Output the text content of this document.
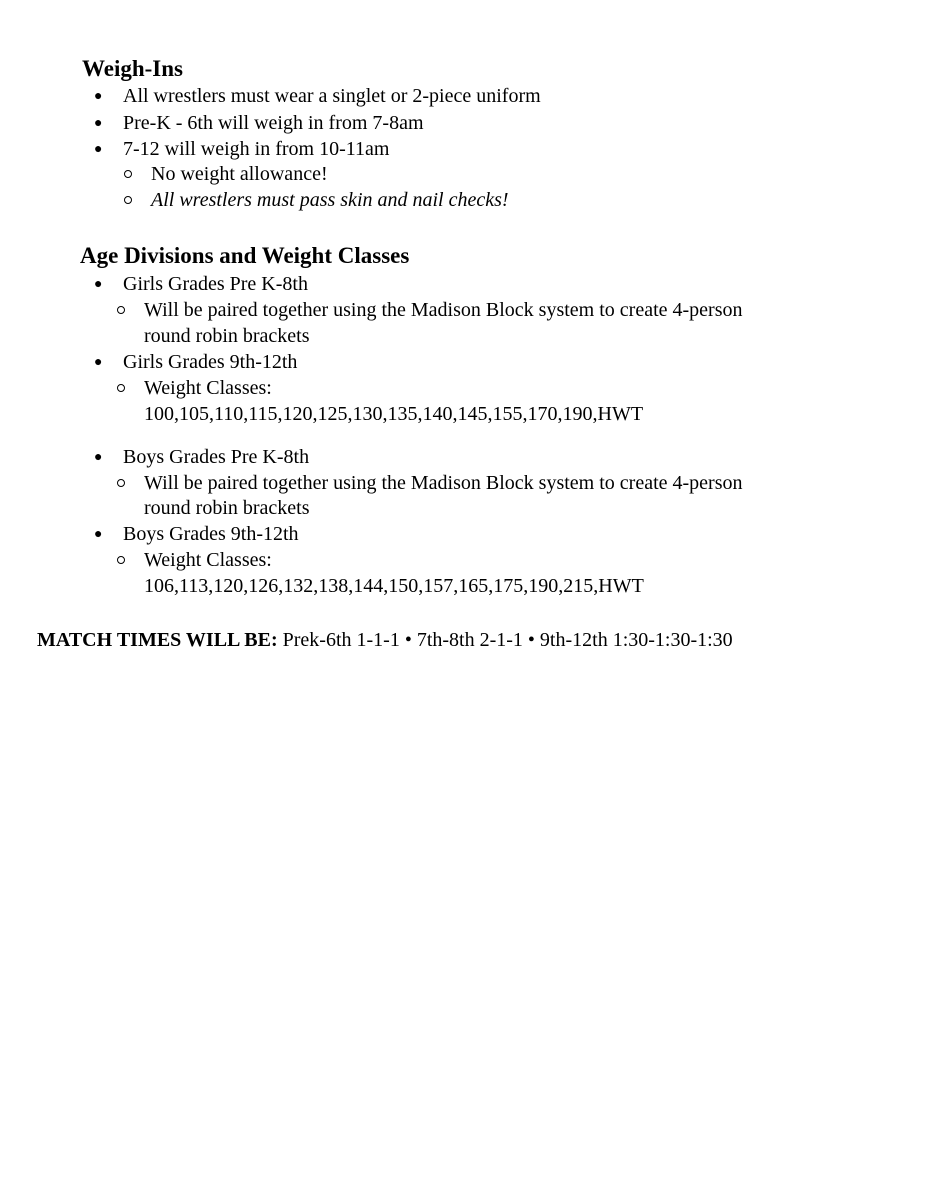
Weigh-Ins
● All wrestlers must wear a singlet or 2-piece uniform
● Pre-K - 6th will weigh in from 7-8am
● 7-12 will weigh in from 10-11am
No weight allowance!
All wrestlers must pass skin and nail checks!
Age Divisions and Weight Classes
● Girls Grades Pre K-8th
Will be paired together using the Madison Block system to create 4-person
round robin brackets
● Girls Grades 9th-12th
Weight Classes:
100,105,110,115,120,125,130,135,140,145,155,170,190,HWT
● Boys Grades Pre K-8th
Will be paired together using the Madison Block system to create 4-person
round robin brackets
● Boys Grades 9th-12th
Weight Classes:
106,113,120,126,132,138,144,150,157,165,175,190,215,HWT
MATCH TIMES WILL BE: Prek-6th 1-1-1 • 7th-8th 2-1-1 • 9th-12th 1:30-1:30-1:30
